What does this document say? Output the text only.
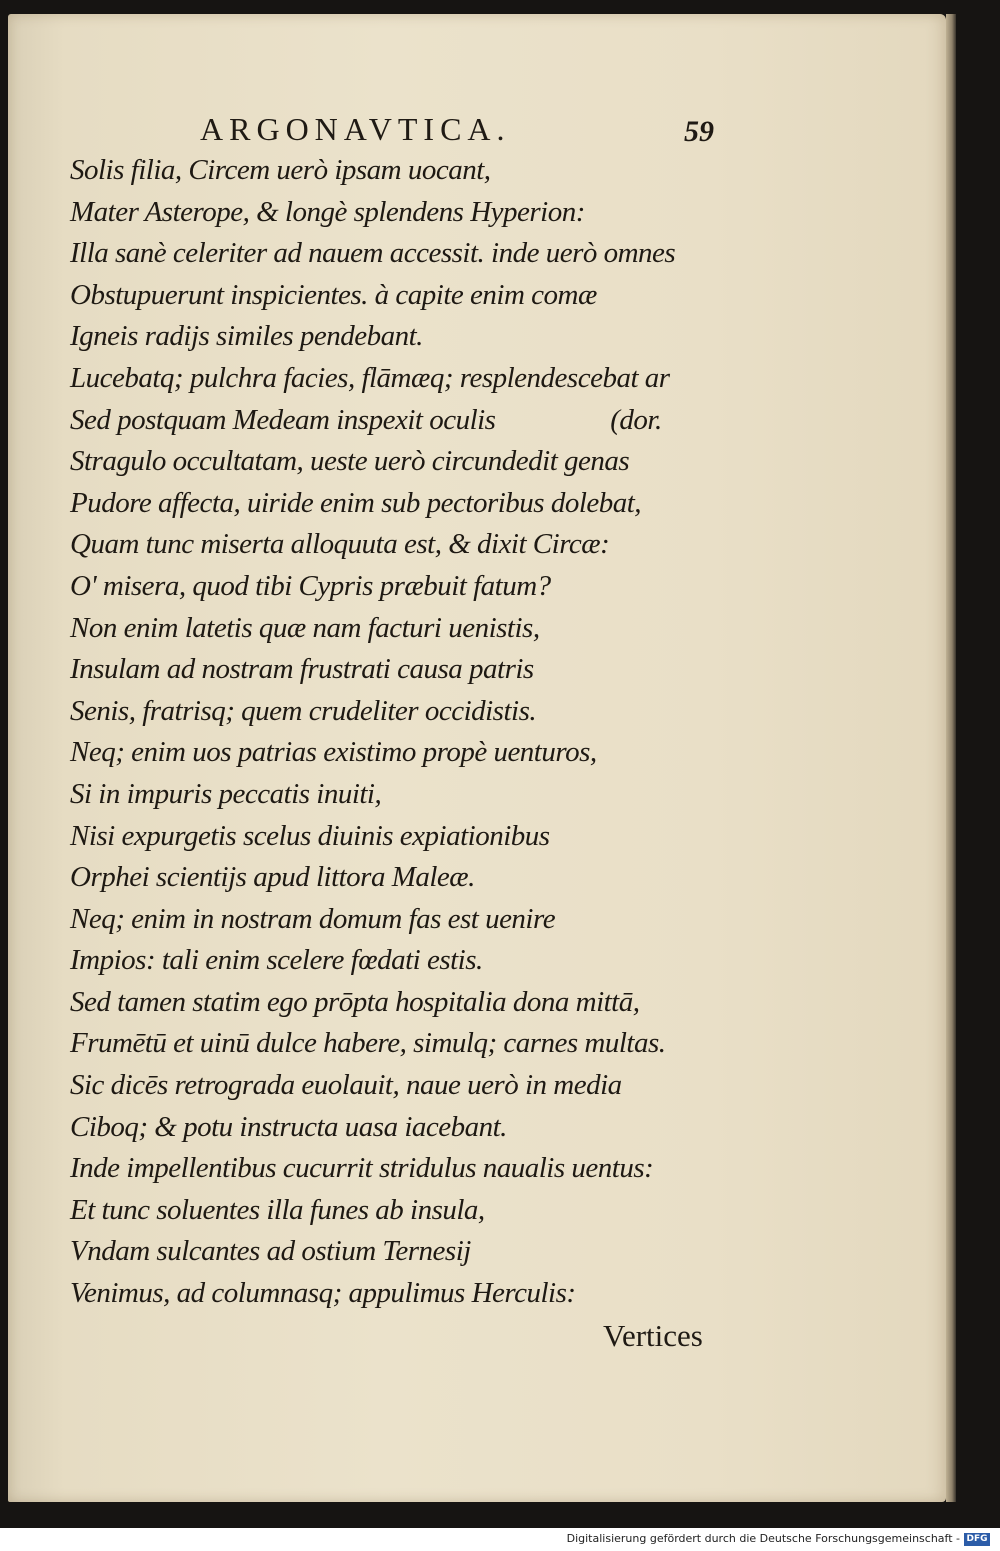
ARGONAVTICA.	59
Solis filia, Circem uerò ipsam uocant,
Mater Asterope, & longè splendens Hyperion:
Illa sanè celeriter ad nauem accessit. inde uerò omnes
Obstupuerunt inspicientes. à capite enim comæ
Igneis radijs similes pendebant.
Lucebatq; pulchra facies, flāmæq; resplendescebat ar
Sed postquam Medeam inspexit oculis                 (dor.
Stragulo occultatam, ueste uerò circundedit genas
Pudore affecta, uiride enim sub pectoribus dolebat,
Quam tunc miserta alloquuta est, & dixit Circæ:
O' misera, quod tibi Cypris præbuit fatum?
Non enim latetis quæ nam facturi uenistis,
Insulam ad nostram frustrati causa patris
Senis, fratrisq; quem crudeliter occidistis.
Neq; enim uos patrias existimo propè uenturos,
Si in impuris peccatis inuiti,
Nisi expurgetis scelus diuinis expiationibus
Orphei scientijs apud littora Maleæ.
Neq; enim in nostram domum fas est uenire
Impios: tali enim scelere fœdati estis.
Sed tamen statim ego prōpta hospitalia dona mittā,
Frumētū et uinū dulce habere, simulq; carnes multas.
Sic dicēs retrograda euolauit, naue uerò in media
Ciboq; & potu instructa uasa iacebant.
Inde impellentibus cucurrit stridulus naualis uentus:
Et tunc soluentes illa funes ab insula,
Vndam sulcantes ad ostium Ternesij
Venimus, ad columnasq; appulimus Herculis:
Vertices
Digitalisierung gefördert durch die Deutsche Forschungsgemeinschaft - DFG
